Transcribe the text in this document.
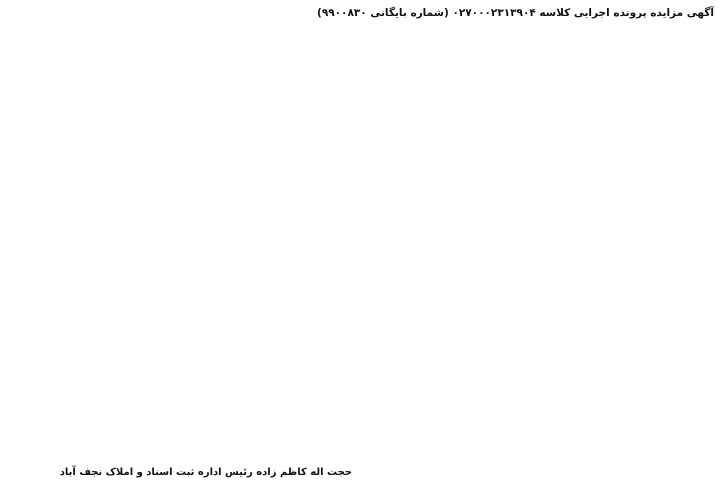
آگهی مزایده پرونده اجرایی کلاسه ۰۲۷۰۰۰۲۳۱۳۹۰۴ (شماره بایگانی ۹۹۰۰۸۳۰)
حجت اله کاظم زاده رئیس اداره ثبت اسناد و املاک نجف آباد
